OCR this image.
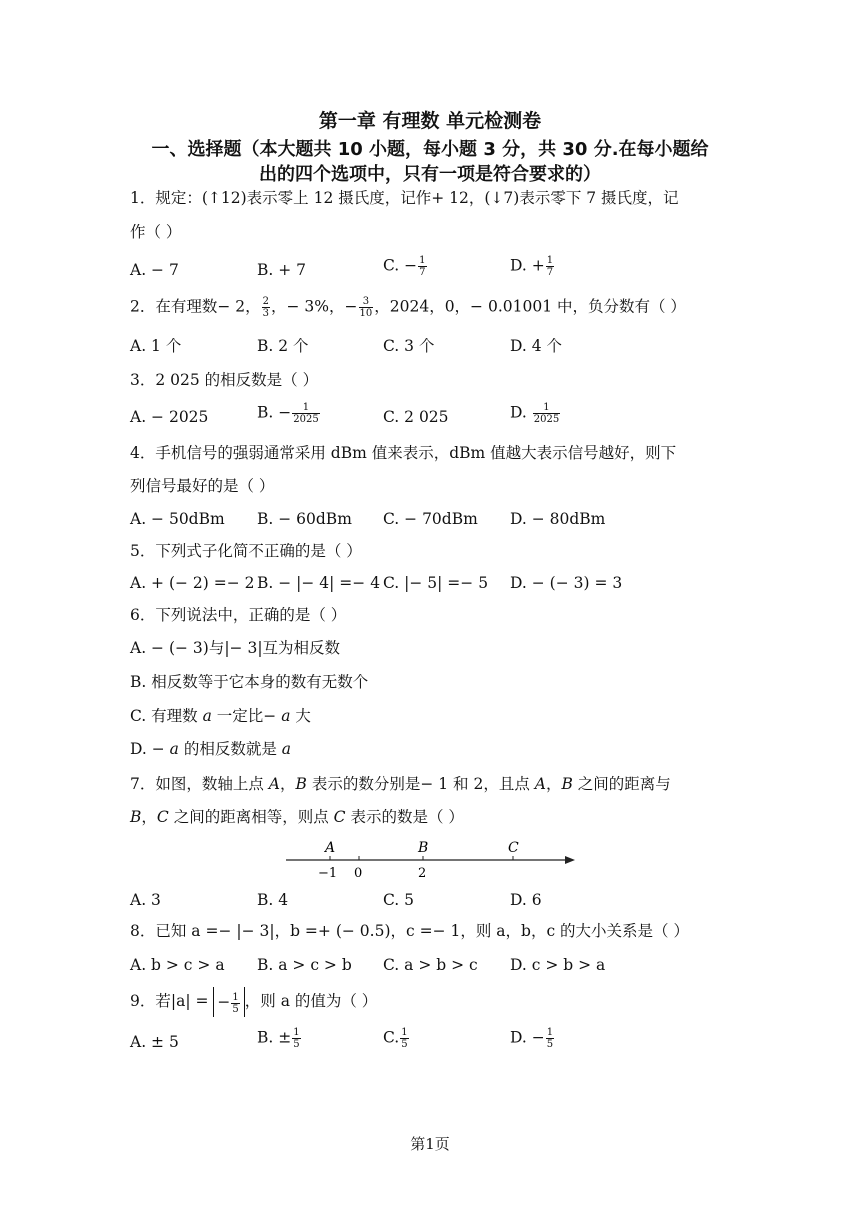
第一章 有理数 单元检测卷
一、选择题（本大题共 10 小题，每小题 3 分，共 30 分.在每小题给
出的四个选项中，只有一项是符合要求的）
1．规定：(↑12)表示零上 12 摄氏度，记作+ 12，(↓7)表示零下 7 摄氏度，记
作（ ）
A. − 7	B. + 7	C. − $\frac{1}{7}$	D. + $\frac{1}{7}$
2．在有理数− 2， $\frac{2}{3}$ ，− 3%，− $\frac{3}{10}$ ，2024，0，− 0.01001 中，负分数有（ ）
A. 1 个	B. 2 个	C. 3 个	D. 4 个
3．2 025 的相反数是（ ）
A. − 2025	B. − $\frac{1}{2025}$	C. 2 025	D. $\frac{1}{2025}$
4．手机信号的强弱通常采用 dBm 值来表示，dBm 值越大表示信号越好，则下
列信号最好的是（ ）
A. − 50dBm B. − 60dBm C. − 70dBm D. − 80dBm
5．下列式子化简不正确的是（ ）
A. + (− 2) =− 2 B. − |− 4| =− 4 C. |− 5| =− 5 D. − (− 3) = 3
6．下列说法中，正确的是（ ）
A. − (− 3)与|− 3|互为相反数
B. 相反数等于它本身的数有无数个
C. 有理数 a 一定比− a 大
D. − a 的相反数就是 a
7．如图，数轴上点 A，B 表示的数分别是− 1 和 2，且点 A，B 之间的距离与
B，C 之间的距离相等，则点 C 表示的数是（ ）
A	B	C
−1 0	2
A. 3	B. 4	C. 5	D. 6
8．已知 a =− |− 3|，b =+ (− 0.5)，c =− 1，则 a，b，c 的大小关系是（ ）
A. b > c > a B. a > c > b C. a > b > c D. c > b > a
9．若|a| = − $\frac{1}{5}$ ，则 a 的值为（ ）
A. ± 5	B. ± $\frac{1}{5}$	C. $\frac{1}{5}$	D. − $\frac{1}{5}$
第1页
